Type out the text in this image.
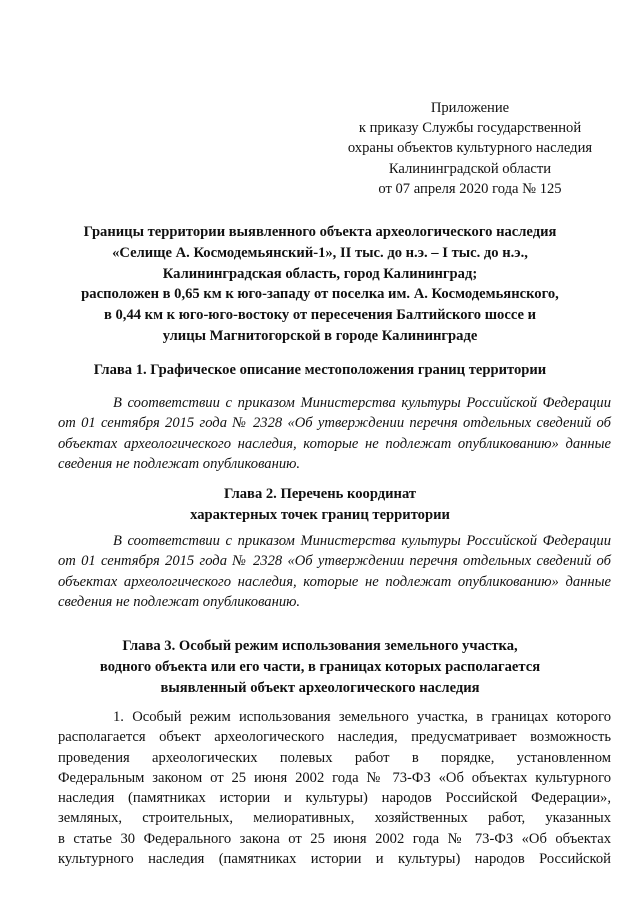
Приложение
к приказу Службы государственной
охраны объектов культурного наследия
Калининградской области
от 07 апреля 2020 года № 125
Границы территории выявленного объекта археологического наследия
«Селище А. Космодемьянский-1», II тыс. до н.э. – I тыс. до н.э.,
Калининградская область, город Калининград;
расположен в 0,65 км к юго-западу от поселка им. А. Космодемьянского,
в 0,44 км к юго-юго-востоку от пересечения Балтийского шоссе и
улицы Магнитогорской в городе Калининграде
Глава 1. Графическое описание местоположения границ территории
В соответствии с приказом Министерства культуры Российской Федерации
от 01 сентября 2015 года № 2328 «Об утверждении перечня отдельных сведений об
объектах археологического наследия, которые не подлежат опубликованию» данные
сведения не подлежат опубликованию.
Глава 2. Перечень координат
характерных точек границ территории
В соответствии с приказом Министерства культуры Российской Федерации
от 01 сентября 2015 года № 2328 «Об утверждении перечня отдельных сведений об
объектах археологического наследия, которые не подлежат опубликованию» данные
сведения не подлежат опубликованию.
Глава 3. Особый режим использования земельного участка,
водного объекта или его части, в границах которых располагается
выявленный объект археологического наследия
1. Особый режим использования земельного участка, в границах которого
располагается объект археологического наследия, предусматривает возможность
проведения археологических полевых работ в порядке, установленном
Федеральным законом от 25 июня 2002 года № 73-ФЗ «Об объектах культурного
наследия (памятниках истории и культуры) народов Российской Федерации»,
земляных, строительных, мелиоративных, хозяйственных работ, указанных
в статье 30 Федерального закона от 25 июня 2002 года № 73-ФЗ «Об объектах
культурного наследия (памятниках истории и культуры) народов Российской
